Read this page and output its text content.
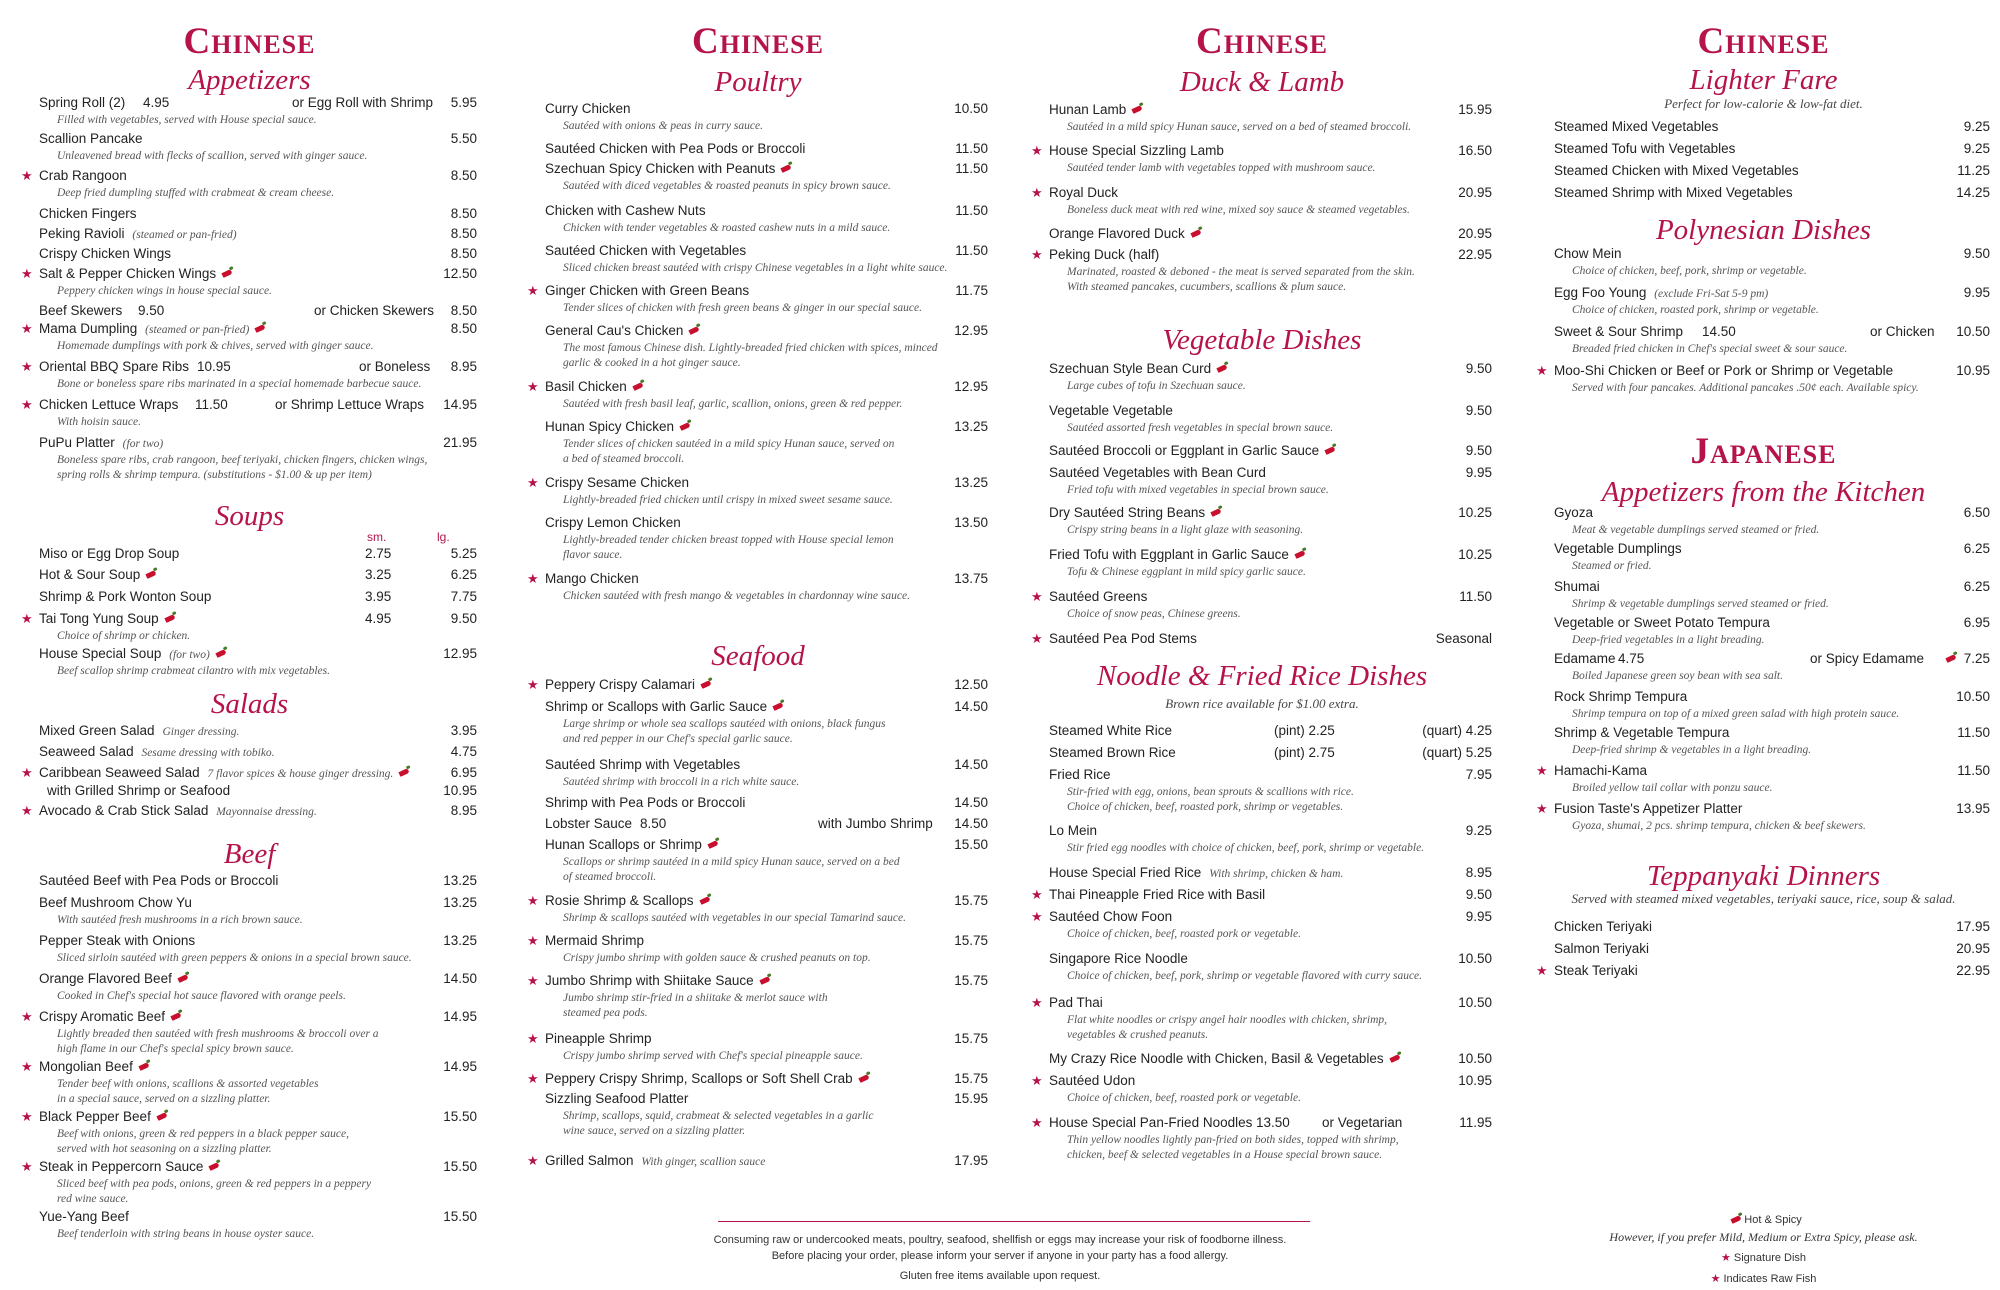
Chinese
Appetizers
Soups
Salads
Beef
sm.	lg.
Spring Roll (2) 4.95	or Egg Roll with Shrimp 5.95
Filled with vegetables, served with House special sauce.
Scallion Pancake	5.50
Unleavened bread with flecks of scallion, served with ginger sauce.
★ Crab Rangoon	8.50
Deep fried dumpling stuffed with crabmeat & cream cheese.
Chicken Fingers	8.50
Peking Ravioli (steamed or pan-fried)	8.50
Crispy Chicken Wings	8.50
★ Salt & Pepper Chicken Wings	12.50
Peppery chicken wings in house special sauce.
Beef Skewers 9.50	or Chicken Skewers 8.50
★ Mama Dumpling (steamed or pan-fried)	8.50
Homemade dumplings with pork & chives, served with ginger sauce.
★ Oriental BBQ Spare Ribs 10.95	or Boneless 8.95
Bone or boneless spare ribs marinated in a special homemade barbecue sauce.
★ Chicken Lettuce Wraps 11.50	or Shrimp Lettuce Wraps 14.95
With hoisin sauce.
PuPu Platter (for two)	21.95
Boneless spare ribs, crab rangoon, beef teriyaki, chicken fingers, chicken wings,
spring rolls & shrimp tempura. (substitutions - $1.00 & up per item)
Miso or Egg Drop Soup	2.75	5.25
Hot & Sour Soup	3.25	6.25
Shrimp & Pork Wonton Soup	3.95	7.75
★ Tai Tong Yung Soup	4.95	9.50
Choice of shrimp or chicken.
House Special Soup (for two)	12.95
Beef scallop shrimp crabmeat cilantro with mix vegetables.
Mixed Green Salad Ginger dressing.	3.95
Seaweed Salad Sesame dressing with tobiko.	4.75
★ Caribbean Seaweed Salad 7 flavor spices & house ginger dressing.	6.95
with Grilled Shrimp or Seafood	10.95
★ Avocado & Crab Stick Salad Mayonnaise dressing.	8.95
Sautéed Beef with Pea Pods or Broccoli	13.25
Beef Mushroom Chow Yu	13.25
With sautéed fresh mushrooms in a rich brown sauce.
Pepper Steak with Onions	13.25
Sliced sirloin sautéed with green peppers & onions in a special brown sauce.
Orange Flavored Beef	14.50
Cooked in Chef's special hot sauce flavored with orange peels.
★ Crispy Aromatic Beef	14.95
Lightly breaded then sautéed with fresh mushrooms & broccoli over a
high flame in our Chef's special spicy brown sauce.
★ Mongolian Beef	14.95
Tender beef with onions, scallions & assorted vegetables
in a special sauce, served on a sizzling platter.
★ Black Pepper Beef	15.50
Beef with onions, green & red peppers in a black pepper sauce,
served with hot seasoning on a sizzling platter.
★ Steak in Peppercorn Sauce	15.50
Sliced beef with pea pods, onions, green & red peppers in a peppery
red wine sauce.
Yue-Yang Beef	15.50
Beef tenderloin with string beans in house oyster sauce.
Chinese
Poultry
Seafood
Curry Chicken	10.50
Sautéed with onions & peas in curry sauce.
Sautéed Chicken with Pea Pods or Broccoli	11.50
Szechuan Spicy Chicken with Peanuts	11.50
Sautéed with diced vegetables & roasted peanuts in spicy brown sauce.
Chicken with Cashew Nuts	11.50
Chicken with tender vegetables & roasted cashew nuts in a mild sauce.
Sautéed Chicken with Vegetables	11.50
Sliced chicken breast sautéed with crispy Chinese vegetables in a light white sauce.
★ Ginger Chicken with Green Beans	11.75
Tender slices of chicken with fresh green beans & ginger in our special sauce.
General Cau's Chicken	12.95
The most famous Chinese dish. Lightly-breaded fried chicken with spices, minced
garlic & cooked in a hot ginger sauce.
★ Basil Chicken	12.95
Sautéed with fresh basil leaf, garlic, scallion, onions, green & red pepper.
Hunan Spicy Chicken	13.25
Tender slices of chicken sautéed in a mild spicy Hunan sauce, served on
a bed of steamed broccoli.
★ Crispy Sesame Chicken	13.25
Lightly-breaded fried chicken until crispy in mixed sweet sesame sauce.
Crispy Lemon Chicken	13.50
Lightly-breaded tender chicken breast topped with House special lemon
flavor sauce.
★ Mango Chicken	13.75
Chicken sautéed with fresh mango & vegetables in chardonnay wine sauce.
★ Peppery Crispy Calamari	12.50
Shrimp or Scallops with Garlic Sauce	14.50
Large shrimp or whole sea scallops sautéed with onions, black fungus
and red pepper in our Chef's special garlic sauce.
Sautéed Shrimp with Vegetables	14.50
Sautéed shrimp with broccoli in a rich white sauce.
Shrimp with Pea Pods or Broccoli	14.50
Lobster Sauce 8.50	with Jumbo Shrimp 14.50
Hunan Scallops or Shrimp	15.50
Scallops or shrimp sautéed in a mild spicy Hunan sauce, served on a bed
of steamed broccoli.
★ Rosie Shrimp & Scallops	15.75
Shrimp & scallops sautéed with vegetables in our special Tamarind sauce.
★ Mermaid Shrimp	15.75
Crispy jumbo shrimp with golden sauce & crushed peanuts on top.
★ Jumbo Shrimp with Shiitake Sauce	15.75
Jumbo shrimp stir-fried in a shiitake & merlot sauce with
steamed pea pods.
★ Pineapple Shrimp	15.75
Crispy jumbo shrimp served with Chef's special pineapple sauce.
★ Peppery Crispy Shrimp, Scallops or Soft Shell Crab	15.75
Sizzling Seafood Platter	15.95
Shrimp, scallops, squid, crabmeat & selected vegetables in a garlic
wine sauce, served on a sizzling platter.
★ Grilled Salmon With ginger, scallion sauce	17.95
Chinese
Duck & Lamb
Vegetable Dishes
Noodle & Fried Rice Dishes
Brown rice available for $1.00 extra.
Hunan Lamb	15.95
Sautéed in a mild spicy Hunan sauce, served on a bed of steamed broccoli.
★ House Special Sizzling Lamb	16.50
Sautéed tender lamb with vegetables topped with mushroom sauce.
★ Royal Duck	20.95
Boneless duck meat with red wine, mixed soy sauce & steamed vegetables.
Orange Flavored Duck	20.95
★ Peking Duck (half)	22.95
Marinated, roasted & deboned - the meat is served separated from the skin.
With steamed pancakes, cucumbers, scallions & plum sauce.
Szechuan Style Bean Curd	9.50
Large cubes of tofu in Szechuan sauce.
Vegetable Vegetable	9.50
Sautéed assorted fresh vegetables in special brown sauce.
Sautéed Broccoli or Eggplant in Garlic Sauce	9.50
Sautéed Vegetables with Bean Curd	9.95
Fried tofu with mixed vegetables in special brown sauce.
Dry Sautéed String Beans	10.25
Crispy string beans in a light glaze with seasoning.
Fried Tofu with Eggplant in Garlic Sauce	10.25
Tofu & Chinese eggplant in mild spicy garlic sauce.
★ Sautéed Greens	11.50
Choice of snow peas, Chinese greens.
★ Sautéed Pea Pod Stems	Seasonal
Steamed White Rice	(pint) 2.25	(quart) 4.25
Steamed Brown Rice	(pint) 2.75	(quart) 5.25
Fried Rice	7.95
Stir-fried with egg, onions, bean sprouts & scallions with rice.
Choice of chicken, beef, roasted pork, shrimp or vegetables.
Lo Mein	9.25
Stir fried egg noodles with choice of chicken, beef, pork, shrimp or vegetable.
House Special Fried Rice With shrimp, chicken & ham.	8.95
★ Thai Pineapple Fried Rice with Basil	9.50
★ Sautéed Chow Foon	9.95
Choice of chicken, beef, roasted pork or vegetable.
Singapore Rice Noodle	10.50
Choice of chicken, beef, pork, shrimp or vegetable flavored with curry sauce.
★ Pad Thai	10.50
Flat white noodles or crispy angel hair noodles with chicken, shrimp,
vegetables & crushed peanuts.
My Crazy Rice Noodle with Chicken, Basil & Vegetables	10.50
★ Sautéed Udon	10.95
Choice of chicken, beef, roasted pork or vegetable.
★ House Special Pan-Fried Noodles 13.50 or Vegetarian	11.95
Thin yellow noodles lightly pan-fried on both sides, topped with shrimp,
chicken, beef & selected vegetables in a House special brown sauce.
Chinese
Japanese
Lighter Fare
Polynesian Dishes
Appetizers from the Kitchen
Teppanyaki Dinners
Perfect for low-calorie & low-fat diet.
Served with steamed mixed vegetables, teriyaki sauce, rice, soup & salad.
Steamed Mixed Vegetables	9.25
Steamed Tofu with Vegetables	9.25
Steamed Chicken with Mixed Vegetables	11.25
Steamed Shrimp with Mixed Vegetables	14.25
Chow Mein	9.50
Choice of chicken, beef, pork, shrimp or vegetable.
Egg Foo Young (exclude Fri-Sat 5-9 pm)	9.95
Choice of chicken, roasted pork, shrimp or vegetable.
Sweet & Sour Shrimp 14.50	or Chicken 10.50
Breaded fried chicken in Chef's special sweet & sour sauce.
★ Moo-Shi Chicken or Beef or Pork or Shrimp or Vegetable	10.95
Served with four pancakes. Additional pancakes .50¢ each. Available spicy.
Gyoza	6.50
Meat & vegetable dumplings served steamed or fried.
Vegetable Dumplings	6.25
Steamed or fried.
Shumai	6.25
Shrimp & vegetable dumplings served steamed or fried.
Vegetable or Sweet Potato Tempura	6.95
Deep-fried vegetables in a light breading.
Edamame 4.75	or Spicy Edamame	7.25
Boiled Japanese green soy bean with sea salt.
Rock Shrimp Tempura	10.50
Shrimp tempura on top of a mixed green salad with high protein sauce.
Shrimp & Vegetable Tempura	11.50
Deep-fried shrimp & vegetables in a light breading.
★ Hamachi-Kama	11.50
Broiled yellow tail collar with ponzu sauce.
★ Fusion Taste's Appetizer Platter	13.95
Gyoza, shumai, 2 pcs. shrimp tempura, chicken & beef skewers.
Chicken Teriyaki	17.95
Salmon Teriyaki	20.95
★ Steak Teriyaki	22.95
Consuming raw or undercooked meats, poultry, seafood, shellfish or eggs may increase your risk of foodborne illness.
Before placing your order, please inform your server if anyone in your party has a food allergy.
Gluten free items available upon request.
Hot & Spicy
However, if you prefer Mild, Medium or Extra Spicy, please ask.
★ Signature Dish
★ Indicates Raw Fish
